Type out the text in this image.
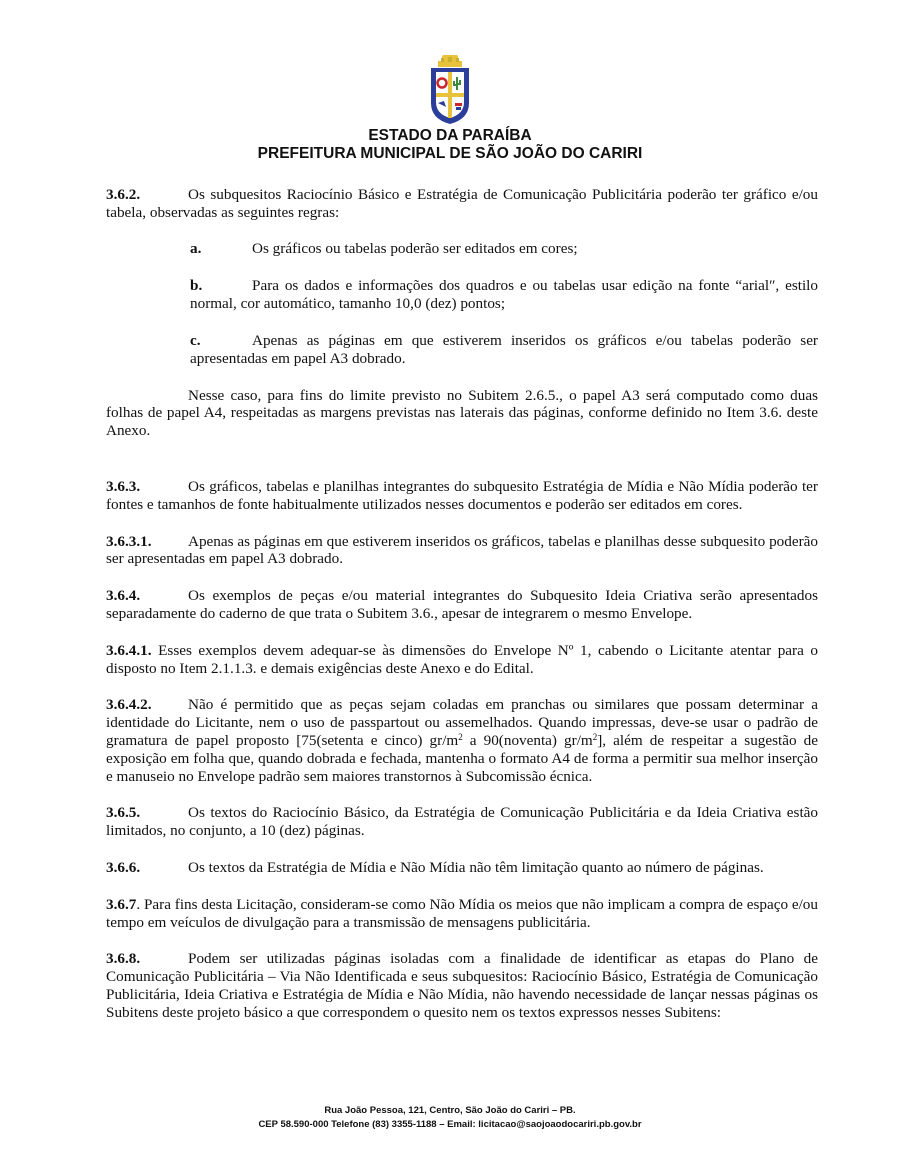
ESTADO DA PARAÍBA
PREFEITURA MUNICIPAL DE SÃO JOÃO DO CARIRI

3.6.2.	Os subquesitos Raciocínio Básico e Estratégia de Comunicação Publicitária poderão ter gráfico e/ou tabela, observadas as seguintes regras:

a.	Os gráficos ou tabelas poderão ser editados em cores;

b.	Para os dados e informações dos quadros e ou tabelas usar edição na fonte “arial″, estilo normal, cor automático, tamanho 10,0 (dez) pontos;

c.	Apenas as páginas em que estiverem inseridos os gráficos e/ou tabelas poderão ser apresentadas em papel A3 dobrado.

Nesse caso, para fins do limite previsto no Subitem 2.6.5., o papel A3 será computado como duas folhas de papel A4, respeitadas as margens previstas nas laterais das páginas, conforme definido no Item 3.6. deste Anexo.

3.6.3.	Os gráficos, tabelas e planilhas integrantes do subquesito Estratégia de Mídia e Não Mídia poderão ter fontes e tamanhos de fonte habitualmente utilizados nesses documentos e poderão ser editados em cores.

3.6.3.1. Apenas as páginas em que estiverem inseridos os gráficos, tabelas e planilhas desse subquesito poderão ser apresentadas em papel A3 dobrado.

3.6.4.	Os exemplos de peças e/ou material integrantes do Subquesito Ideia Criativa serão apresentados separadamente do caderno de que trata o Subitem 3.6., apesar de integrarem o mesmo Envelope.

3.6.4.1. Esses exemplos devem adequar-se às dimensões do Envelope Nº 1, cabendo o Licitante atentar para o disposto no Item 2.1.1.3. e demais exigências deste Anexo e do Edital.

3.6.4.2. Não é permitido que as peças sejam coladas em pranchas ou similares que possam determinar a identidade do Licitante, nem o uso de passpartout ou assemelhados. Quando impressas, deve-se usar o padrão de gramatura de papel proposto [75(setenta e cinco) $gr/m^2$ a 90(noventa) $gr/m^2$], além de respeitar a sugestão de exposição em folha que, quando dobrada e fechada, mantenha o formato A4 de forma a permitir sua melhor inserção e manuseio no Envelope padrão sem maiores transtornos à Subcomissão écnica.

3.6.5.	Os textos do Raciocínio Básico, da Estratégia de Comunicação Publicitária e da Ideia Criativa estão limitados, no conjunto, a 10 (dez) páginas.

3.6.6.	Os textos da Estratégia de Mídia e Não Mídia não têm limitação quanto ao número de páginas.

3.6.7. Para fins desta Licitação, consideram-se como Não Mídia os meios que não implicam a compra de espaço e/ou tempo em veículos de divulgação para a transmissão de mensagens publicitária.

3.6.8.	Podem ser utilizadas páginas isoladas com a finalidade de identificar as etapas do Plano de Comunicação Publicitária – Via Não Identificada e seus subquesitos: Raciocínio Básico, Estratégia de Comunicação Publicitária, Ideia Criativa e Estratégia de Mídia e Não Mídia, não havendo necessidade de lançar nessas páginas os Subitens deste projeto básico a que correspondem o quesito nem os textos expressos nesses Subitens:

Rua João Pessoa, 121, Centro, São João do Cariri – PB.
CEP 58.590-000 Telefone (83) 3355-1188 – Email: licitacao@saojoaodocariri.pb.gov.br
